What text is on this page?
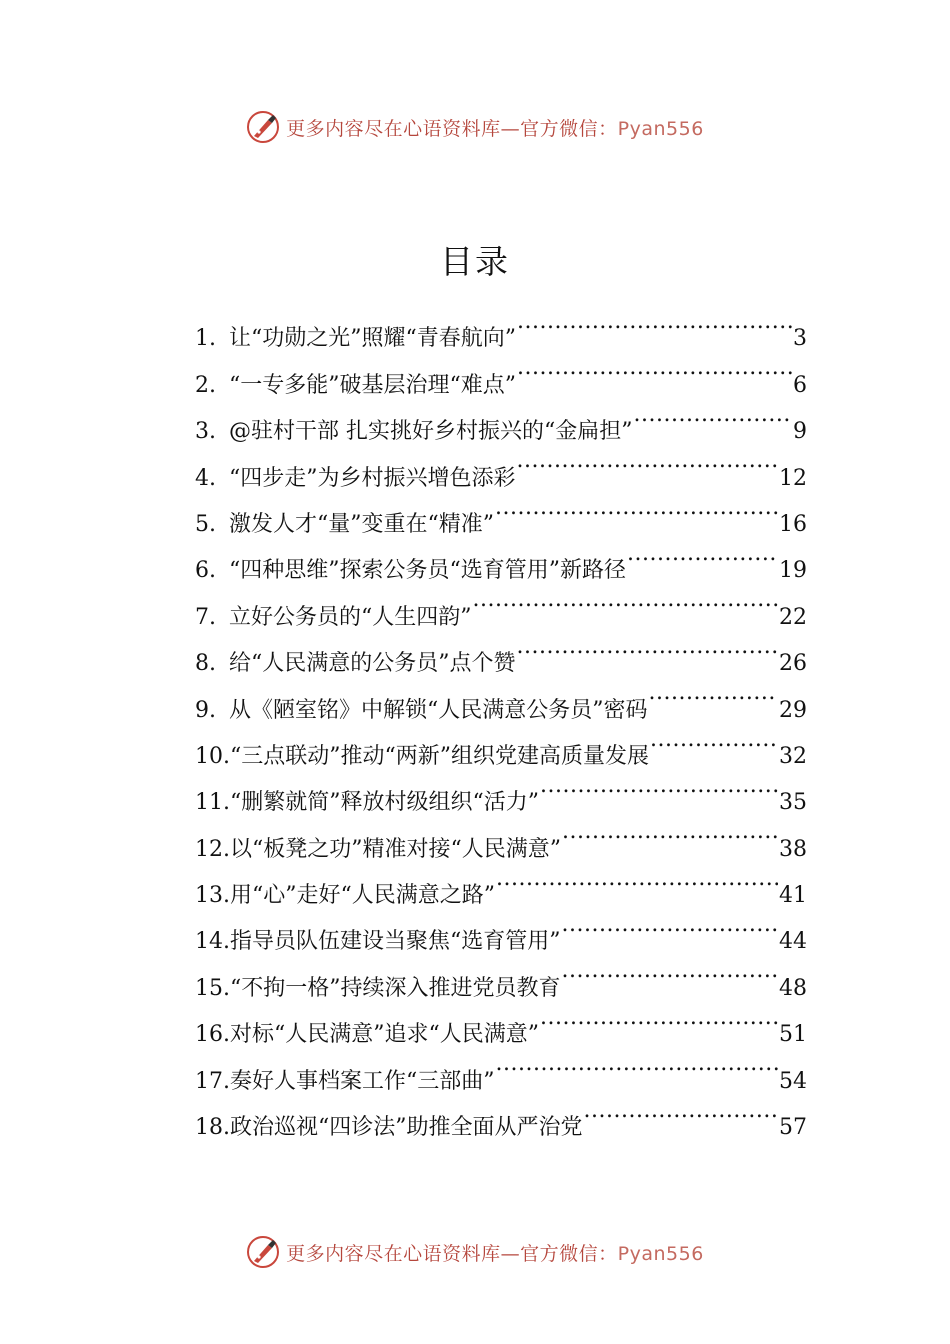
更多内容尽在心语资料库—官方微信：Pyan556
目录
1. 让“功勋之光”照耀“青春航向” .....	3
2. “一专多能”破基层治理“难点” .....	6
3. @驻村干部 扎实挑好乡村振兴的“金扁担” .....	9
4. “四步走”为乡村振兴增色添彩 .....	12
5. 激发人才“量”变重在“精准” .....	16
6. “四种思维”探索公务员“选育管用”新路径 .....	19
7. 立好公务员的“人生四韵” .....	22
8. 给“人民满意的公务员”点个赞 .....	26
9. 从《陋室铭》中解锁“人民满意公务员”密码 .....	29
10. “三点联动”推动“两新”组织党建高质量发展 .....	32
11. “删繁就简”释放村级组织“活力” .....	35
12. 以“板凳之功”精准对接“人民满意” .....	38
13. 用“心”走好“人民满意之路” .....	41
14. 指导员队伍建设当聚焦“选育管用” .....	44
15. “不拘一格”持续深入推进党员教育 .....	48
16. 对标“人民满意”追求“人民满意” .....	51
17. 奏好人事档案工作“三部曲” .....	54
18. 政治巡视“四诊法”助推全面从严治党 .....	57
更多内容尽在心语资料库—官方微信：Pyan556
